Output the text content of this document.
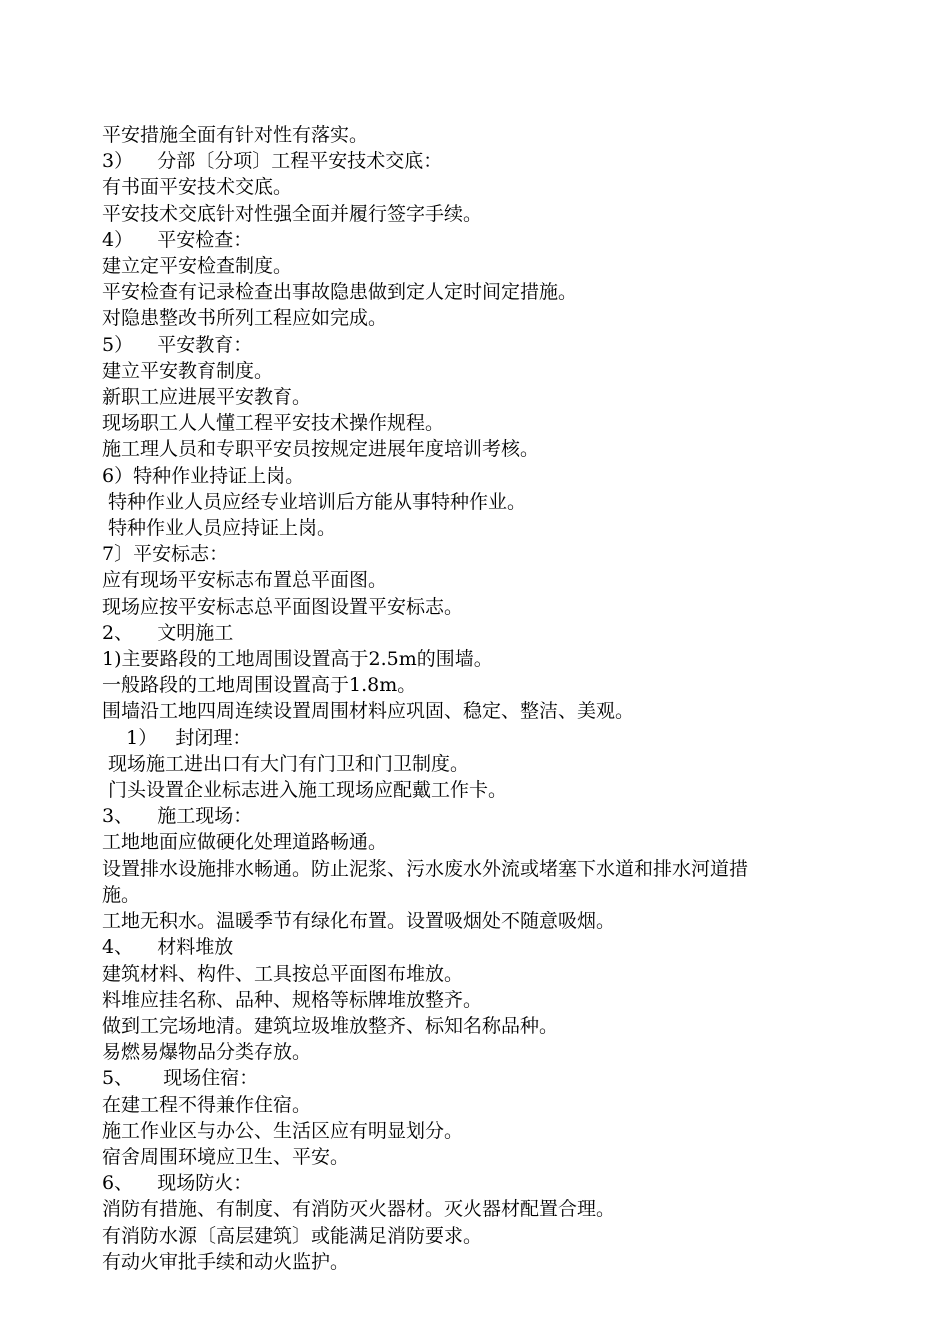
平安措施全面有针对性有落实。

3）    分部〔分项〕工程平安技术交底：

有书面平安技术交底。

平安技术交底针对性强全面并履行签字手续。

4）    平安检查：

建立定平安检查制度。

平安检查有记录检查出事故隐患做到定人定时间定措施。

对隐患整改书所列工程应如完成。

5）    平安教育：

建立平安教育制度。

新职工应进展平安教育。

现场职工人人懂工程平安技术操作规程。

施工理人员和专职平安员按规定进展年度培训考核。

6）特种作业持证上岗。

特种作业人员应经专业培训后方能从事特种作业。

特种作业人员应持证上岗。

7〕平安标志：

应有现场平安标志布置总平面图。

现场应按平安标志总平面图设置平安标志。

2、    文明施工

1)主要路段的工地周围设置高于2.5m的围墙。

一般路段的工地周围设置高于1.8m。

围墙沿工地四周连续设置周围材料应巩固、稳定、整洁、美观。

1）   封闭理：

现场施工进出口有大门有门卫和门卫制度。

门头设置企业标志进入施工现场应配戴工作卡。

3、    施工现场：

工地地面应做硬化处理道路畅通。

设置排水设施排水畅通。防止泥浆、污水废水外流或堵塞下水道和排水河道措

施。

工地无积水。温暖季节有绿化布置。设置吸烟处不随意吸烟。

4、    材料堆放

建筑材料、构件、工具按总平面图布堆放。

料堆应挂名称、品种、规格等标牌堆放整齐。

做到工完场地清。建筑垃圾堆放整齐、标知名称品种。

易燃易爆物品分类存放。

5、     现场住宿：

在建工程不得兼作住宿。

施工作业区与办公、生活区应有明显划分。

宿舍周围环境应卫生、平安。

6、    现场防火：

消防有措施、有制度、有消防灭火器材。灭火器材配置合理。

有消防水源〔高层建筑〕或能满足消防要求。

有动火审批手续和动火监护。
